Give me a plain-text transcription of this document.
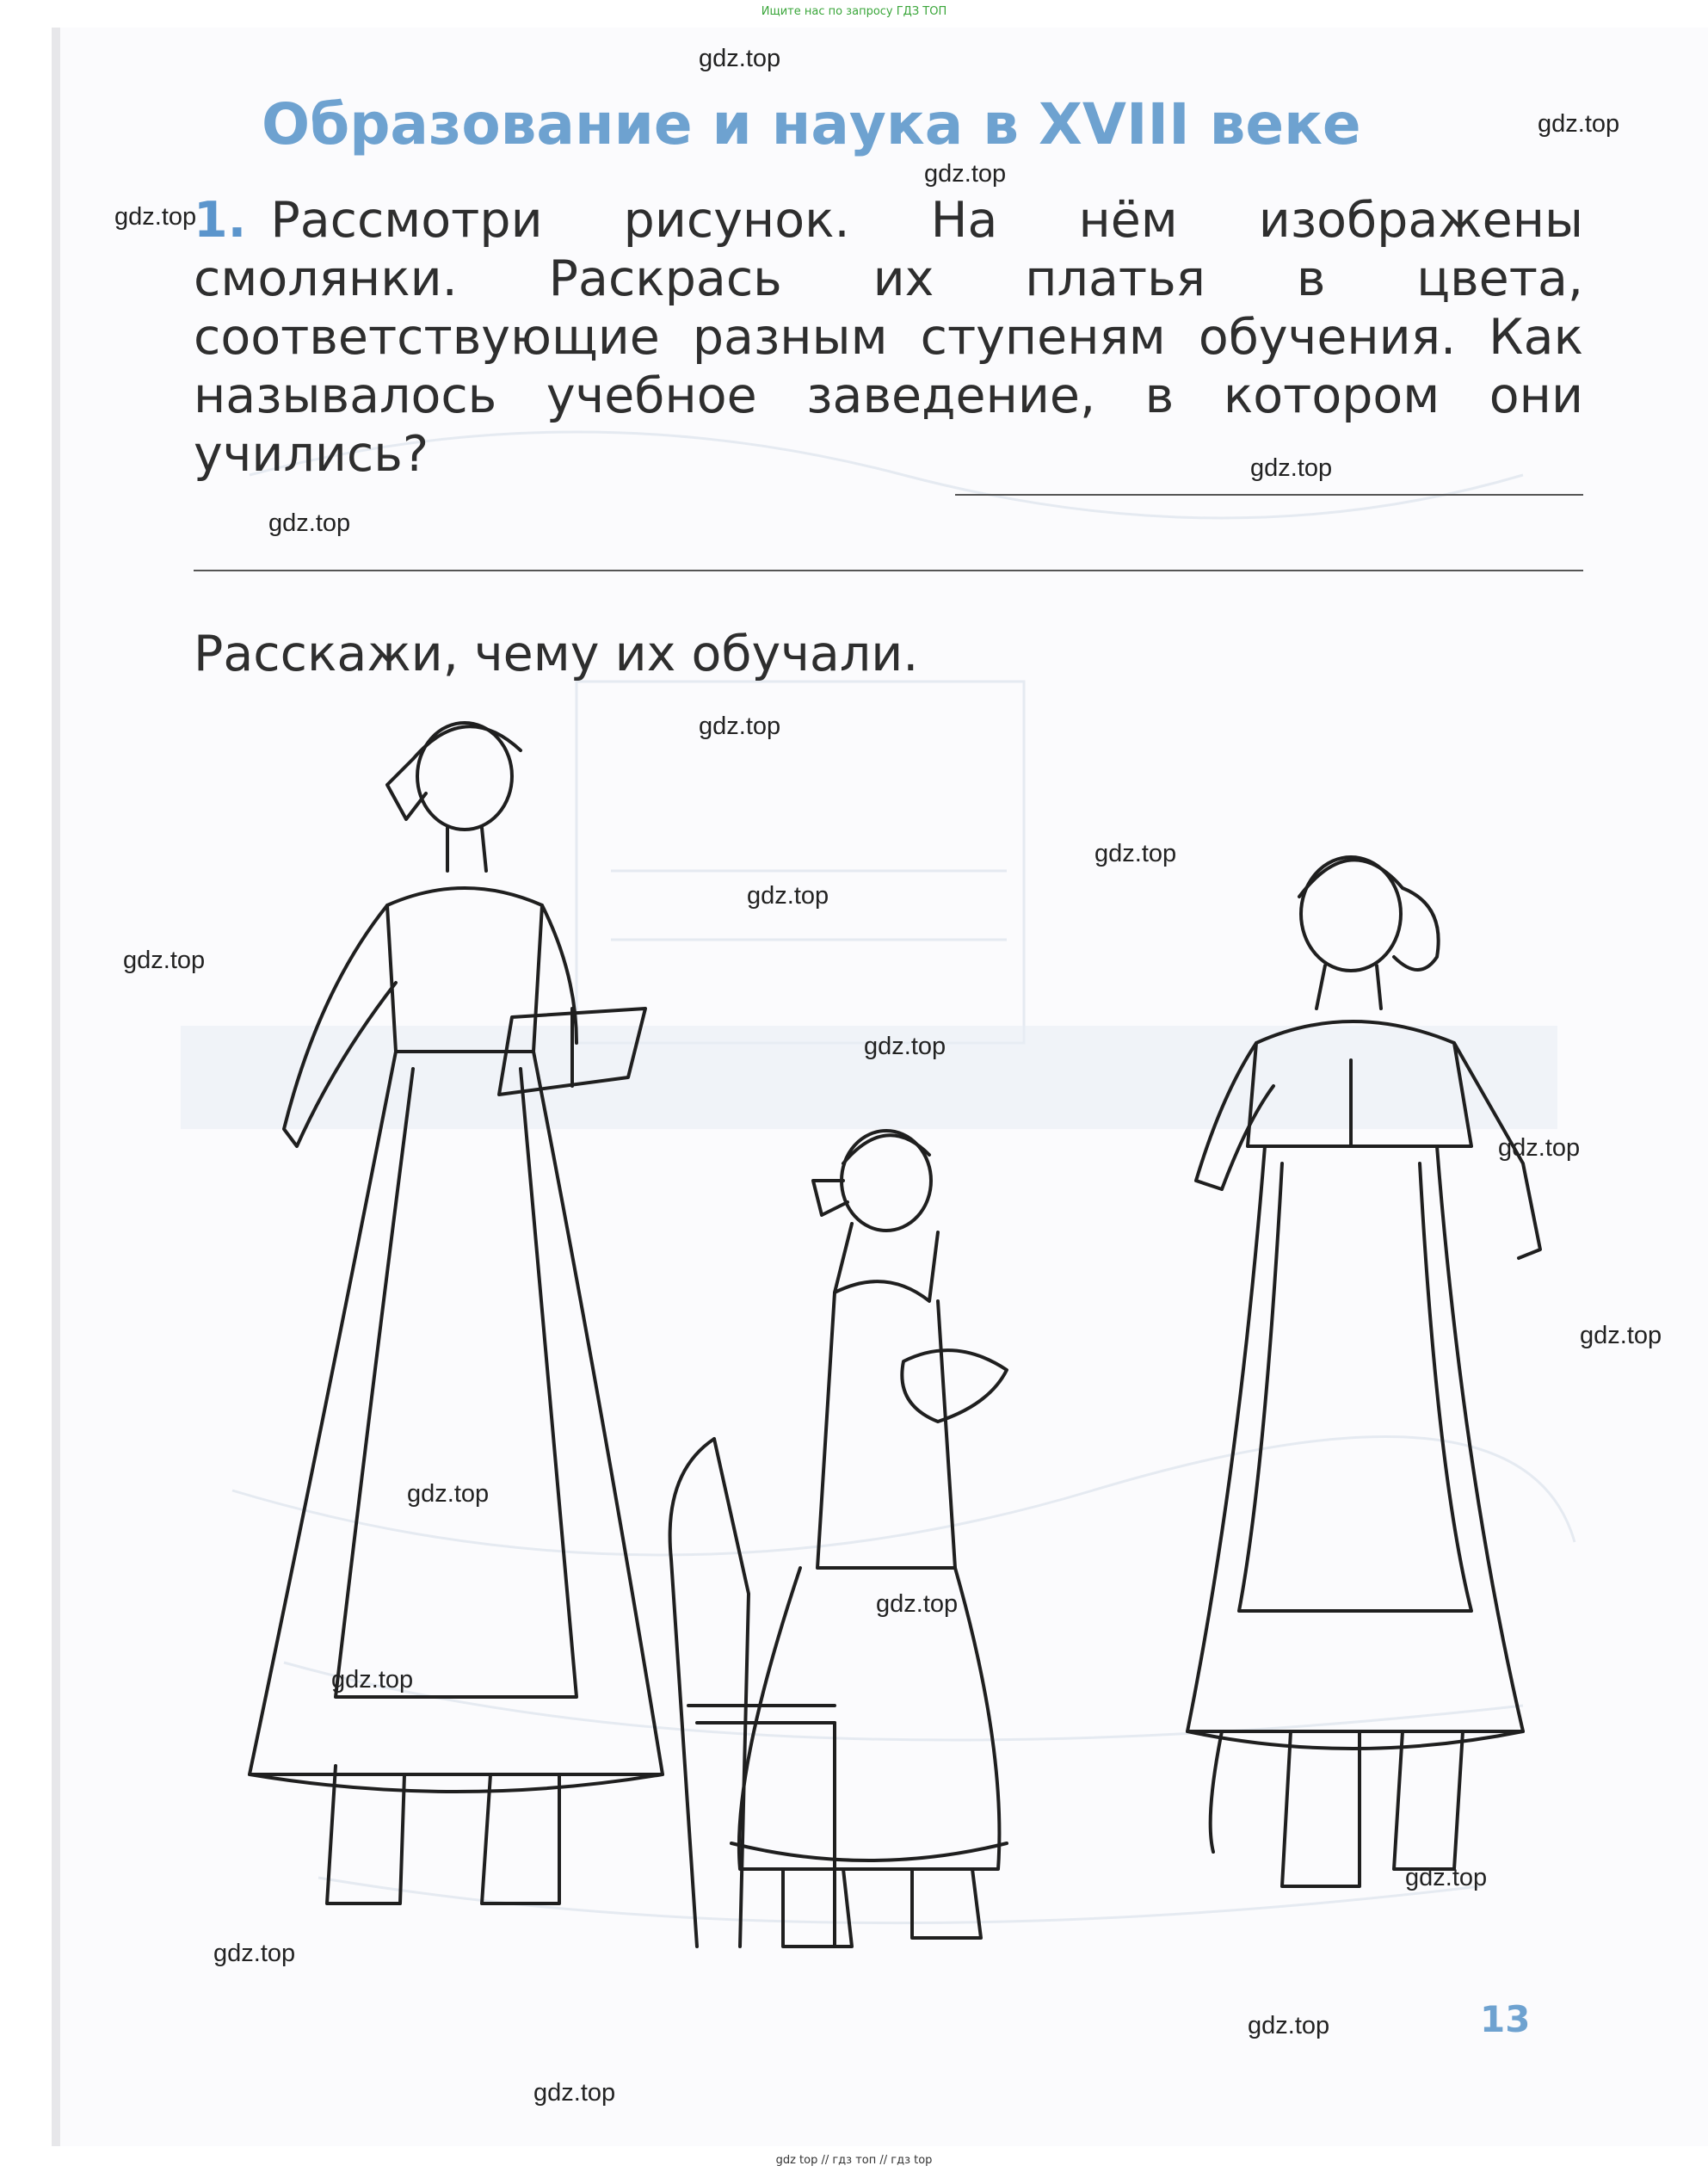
Ищите нас по запросу ГДЗ ТОП
Образование и наука в XVIII веке
1. Рассмотри рисунок. На нём изображены смолянки. Раскрась их платья в цвета, соответствующие разным ступеням обучения. Как называлось учебное заведение, в котором они учились?
Расскажи, чему их обучали.
13
gdz.top
gdz.top
gdz.top
gdz.top
gdz.top
gdz.top
gdz.top
gdz.top
gdz.top
gdz.top
gdz.top
gdz.top
gdz.top
gdz.top
gdz.top
gdz.top
gdz.top
gdz.top
gdz.top
gdz.top
gdz top // гдз топ // гдз top
